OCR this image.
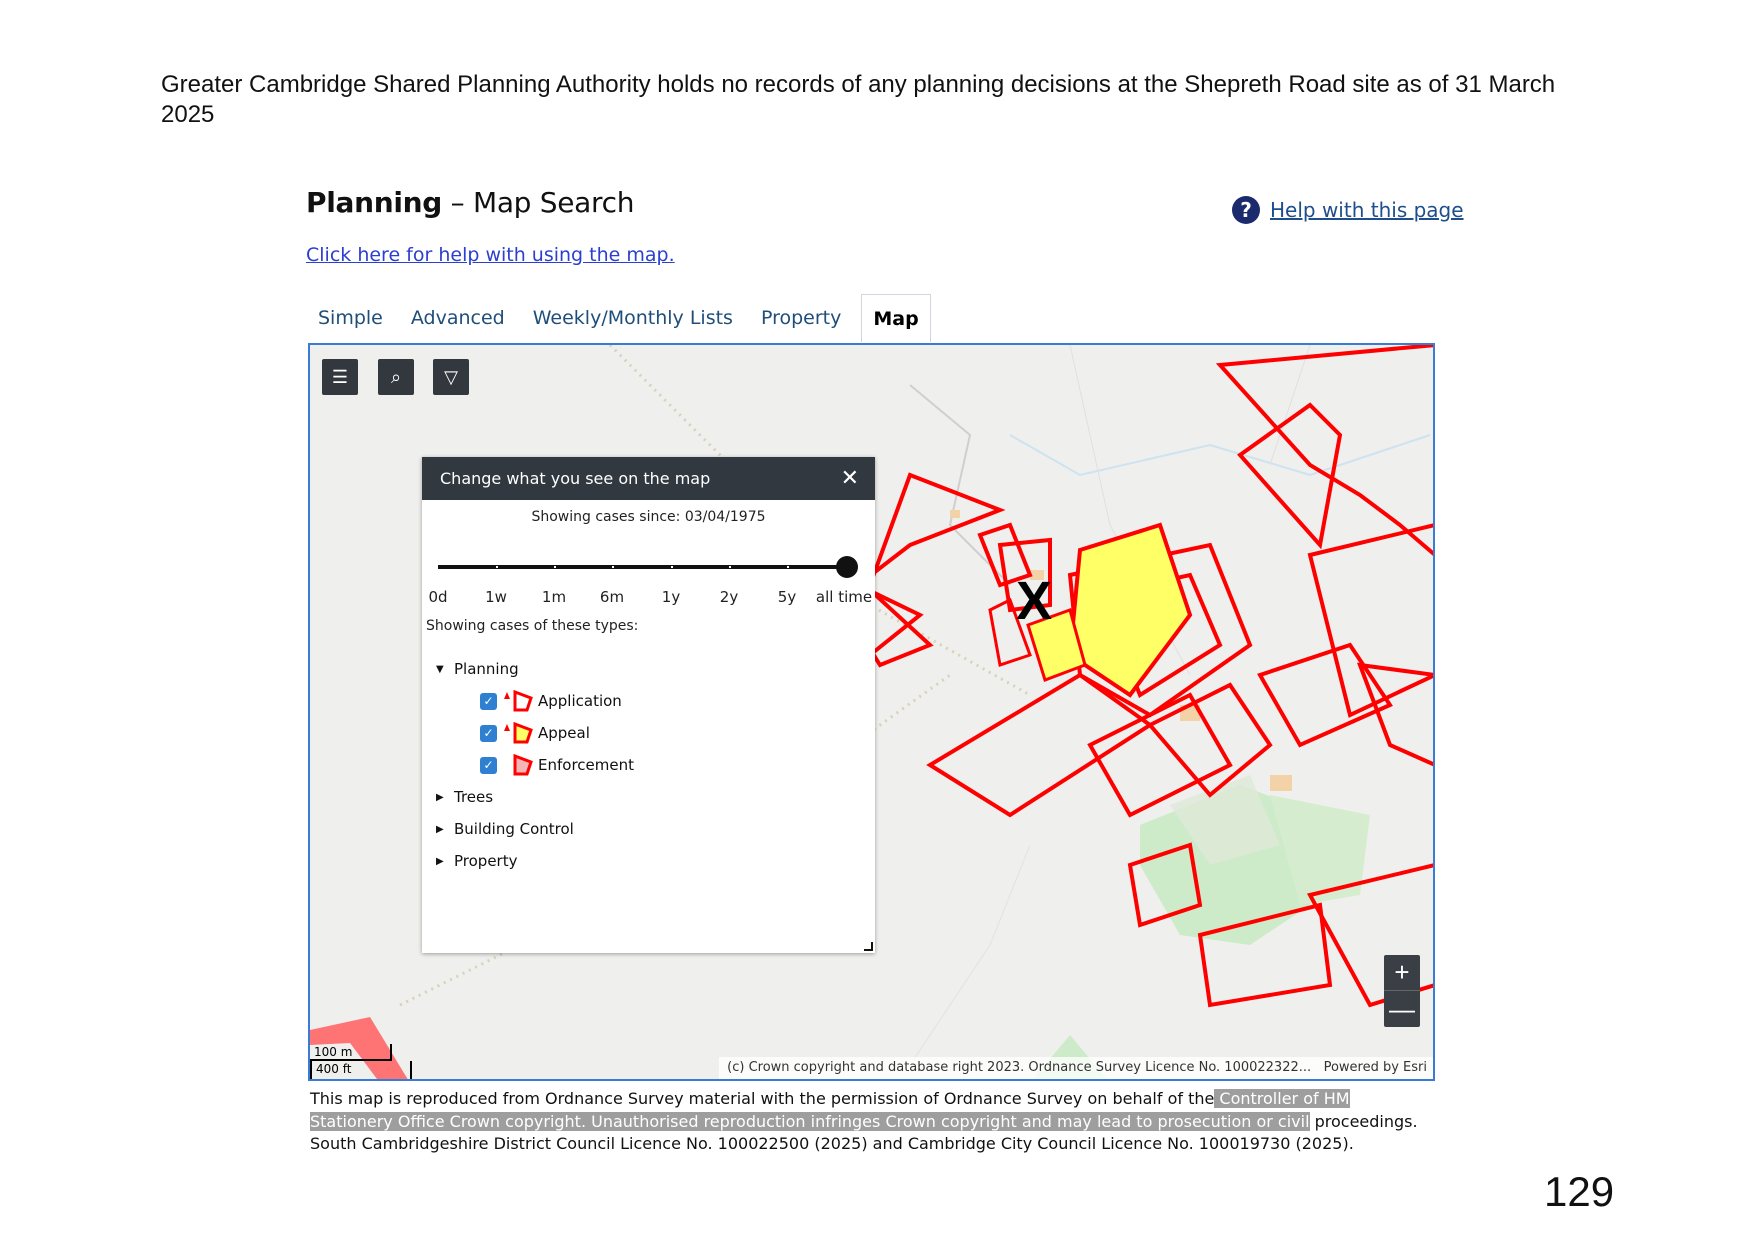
Greater Cambridge Shared Planning Authority holds no records of any planning decisions at the Shepreth Road site as of 31 March 2025
Planning – Map Search	? Help with this page
Click here for help with using the map.
Simple	Advanced	Weekly/Monthly Lists	Property	Map
☰	⌕	▽
X
Change what you see on the map	✕
Showing cases since: 03/04/1975
0d	1w 1m 6m	1y	2y	5y all time
Showing cases of these types:
▼ Planning
✓	Application
✓	Appeal
✓	Enforcement
▶ Trees
▶ Building Control
▶ Property
+
—
100 m
400 ft	(c) Crown copyright and database right 2023. Ordnance Survey Licence No. 100022322... Powered by Esri
This map is reproduced from Ordnance Survey material with the permission of Ordnance Survey on behalf of the Controller of HM Stationery Office Crown copyright. Unauthorised reproduction infringes Crown copyright and may lead to prosecution or civil proceedings. South Cambridgeshire District Council Licence No. 100022500 (2025) and Cambridge City Council Licence No. 100019730 (2025).
129
